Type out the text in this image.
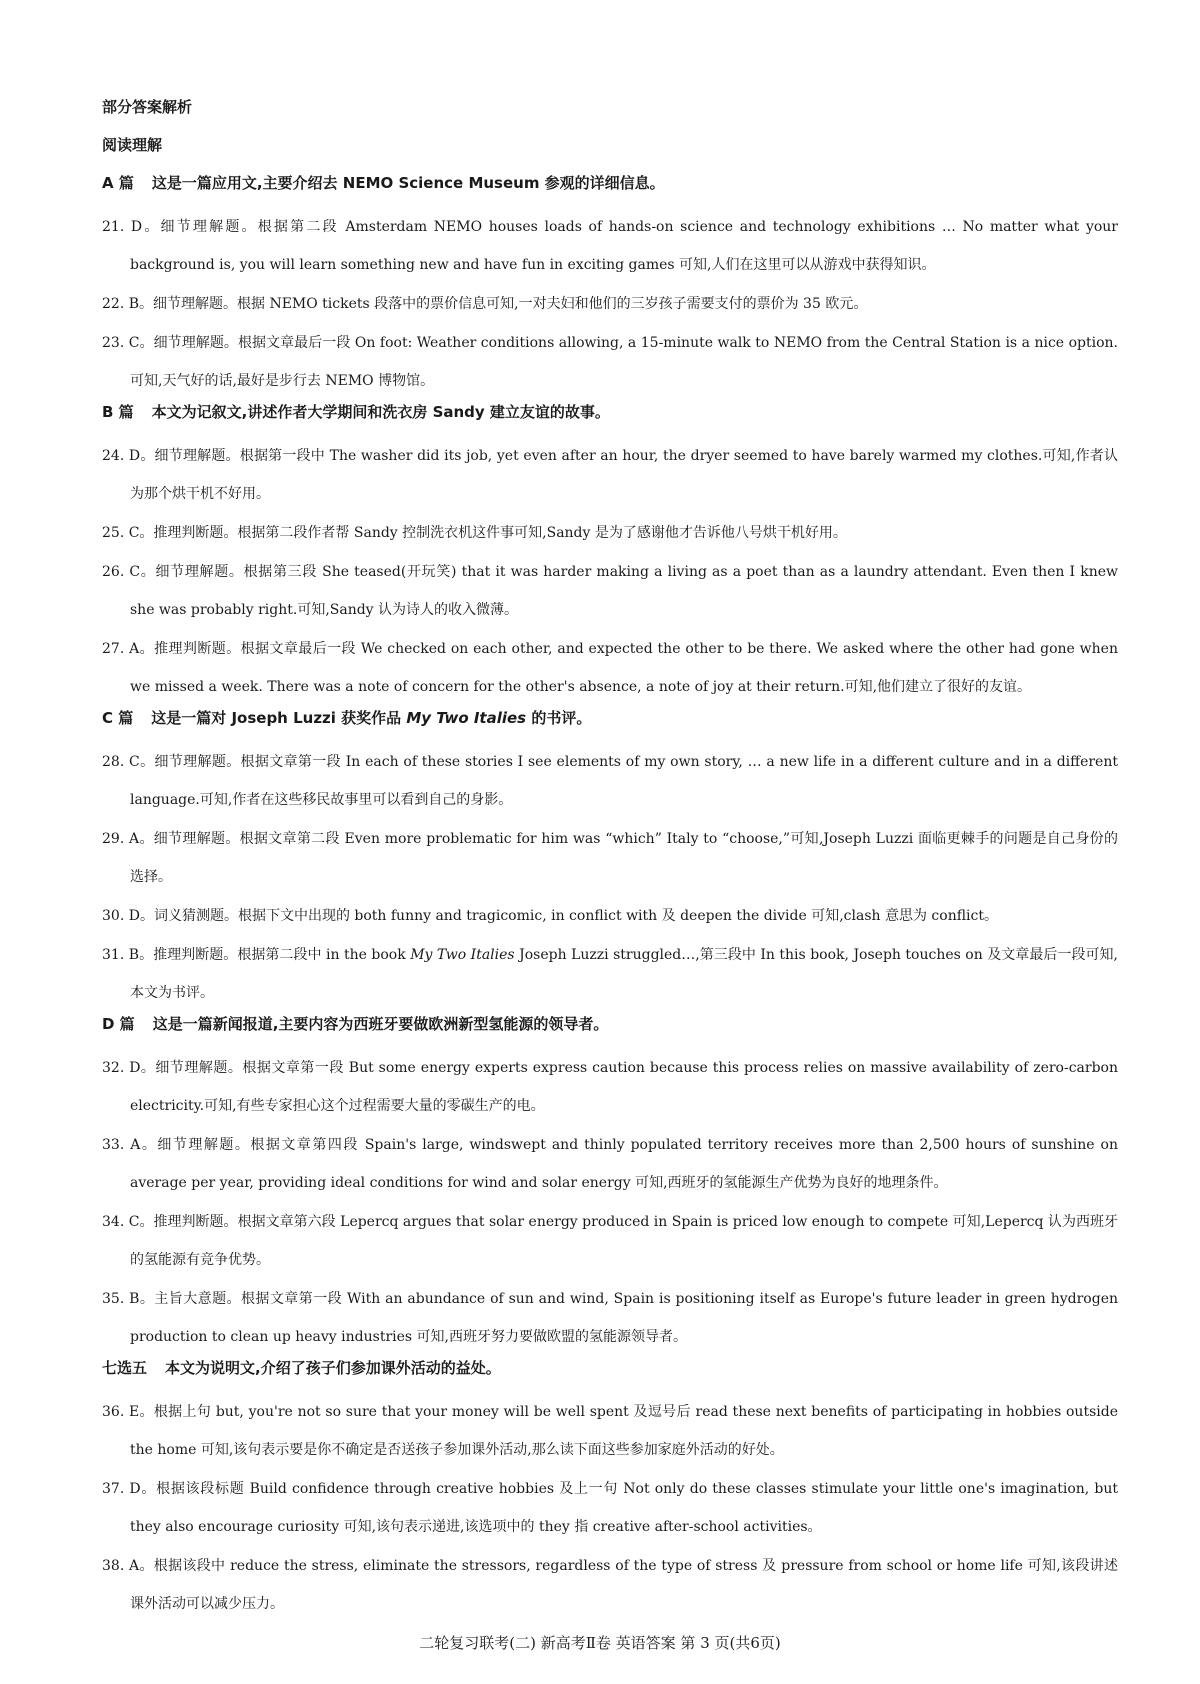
部分答案解析
阅读理解
A 篇 这是一篇应用文,主要介绍去 NEMO Science Museum 参观的详细信息。
21. D。细节理解题。根据第二段 Amsterdam NEMO houses loads of hands-on science and technology exhibitions … No matter what your background is, you will learn something new and have fun in exciting games 可知,人们在这里可以从游戏中获得知识。
22. B。细节理解题。根据 NEMO tickets 段落中的票价信息可知,一对夫妇和他们的三岁孩子需要支付的票价为 35 欧元。
23. C。细节理解题。根据文章最后一段 On foot: Weather conditions allowing, a 15-minute walk to NEMO from the Central Station is a nice option.可知,天气好的话,最好是步行去 NEMO 博物馆。
B 篇 本文为记叙文,讲述作者大学期间和洗衣房 Sandy 建立友谊的故事。
24. D。细节理解题。根据第一段中 The washer did its job, yet even after an hour, the dryer seemed to have barely warmed my clothes.可知,作者认为那个烘干机不好用。
25. C。推理判断题。根据第二段作者帮 Sandy 控制洗衣机这件事可知,Sandy 是为了感谢他才告诉他八号烘干机好用。
26. C。细节理解题。根据第三段 She teased(开玩笑) that it was harder making a living as a poet than as a laundry attendant. Even then I knew she was probably right.可知,Sandy 认为诗人的收入微薄。
27. A。推理判断题。根据文章最后一段 We checked on each other, and expected the other to be there. We asked where the other had gone when we missed a week. There was a note of concern for the other's absence, a note of joy at their return.可知,他们建立了很好的友谊。
C 篇 这是一篇对 Joseph Luzzi 获奖作品 My Two Italies 的书评。
28. C。细节理解题。根据文章第一段 In each of these stories I see elements of my own story, … a new life in a different culture and in a different language.可知,作者在这些移民故事里可以看到自己的身影。
29. A。细节理解题。根据文章第二段 Even more problematic for him was “which” Italy to “choose,”可知,Joseph Luzzi 面临更棘手的问题是自己身份的选择。
30. D。词义猜测题。根据下文中出现的 both funny and tragicomic, in conflict with 及 deepen the divide 可知,clash 意思为 conflict。
31. B。推理判断题。根据第二段中 in the book My Two Italies Joseph Luzzi struggled…,第三段中 In this book, Joseph touches on 及文章最后一段可知,本文为书评。
D 篇 这是一篇新闻报道,主要内容为西班牙要做欧洲新型氢能源的领导者。
32. D。细节理解题。根据文章第一段 But some energy experts express caution because this process relies on massive availability of zero-carbon electricity.可知,有些专家担心这个过程需要大量的零碳生产的电。
33. A。细节理解题。根据文章第四段 Spain's large, windswept and thinly populated territory receives more than 2,500 hours of sunshine on average per year, providing ideal conditions for wind and solar energy 可知,西班牙的氢能源生产优势为良好的地理条件。
34. C。推理判断题。根据文章第六段 Lepercq argues that solar energy produced in Spain is priced low enough to compete 可知,Lepercq 认为西班牙的氢能源有竞争优势。
35. B。主旨大意题。根据文章第一段 With an abundance of sun and wind, Spain is positioning itself as Europe's future leader in green hydrogen production to clean up heavy industries 可知,西班牙努力要做欧盟的氢能源领导者。
七选五 本文为说明文,介绍了孩子们参加课外活动的益处。
36. E。根据上句 but, you're not so sure that your money will be well spent 及逗号后 read these next benefits of participating in hobbies outside the home 可知,该句表示要是你不确定是否送孩子参加课外活动,那么读下面这些参加家庭外活动的好处。
37. D。根据该段标题 Build confidence through creative hobbies 及上一句 Not only do these classes stimulate your little one's imagination, but they also encourage curiosity 可知,该句表示递进,该选项中的 they 指 creative after-school activities。
38. A。根据该段中 reduce the stress, eliminate the stressors, regardless of the type of stress 及 pressure from school or home life 可知,该段讲述课外活动可以减少压力。
二轮复习联考(二) 新高考Ⅱ卷 英语答案 第 3 页(共6页)
